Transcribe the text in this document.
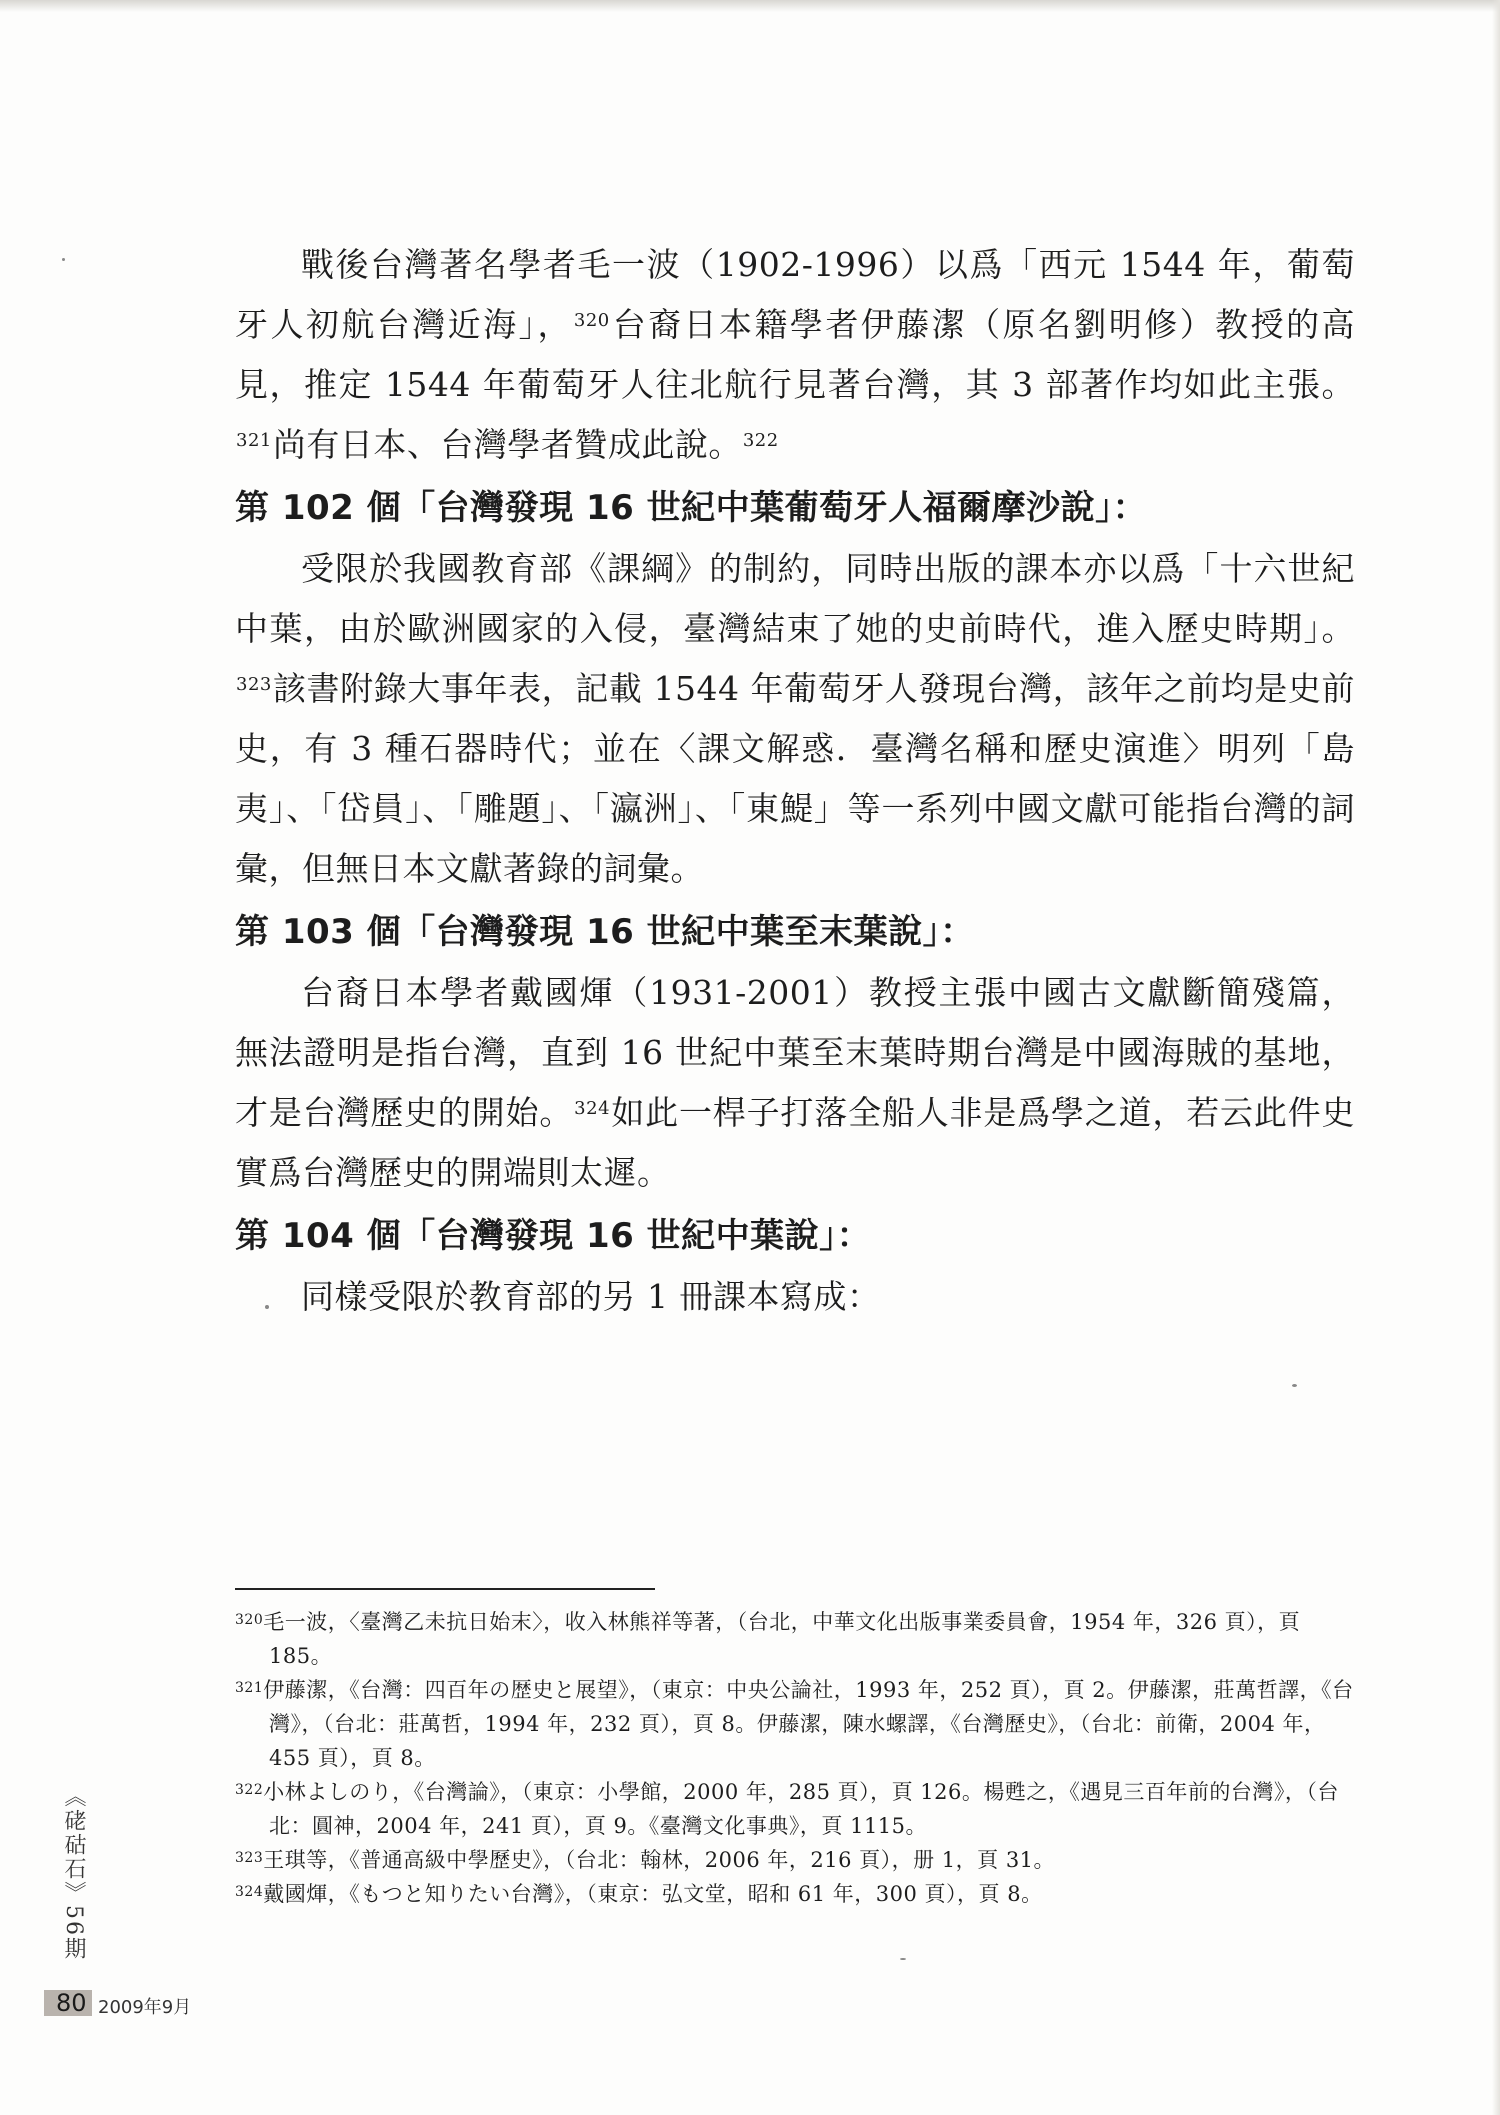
戰後台灣著名學者毛一波（1902-1996）以爲「西元 1544 年，葡萄牙人初航台灣近海」，$^{320}$台裔日本籍學者伊藤潔（原名劉明修）教授的高見，推定 1544 年葡萄牙人往北航行見著台灣，其 3 部著作均如此主張。$^{321}$尚有日本、台灣學者贊成此說。$^{322}$

第 102 個「台灣發現 16 世紀中葉葡萄牙人福爾摩沙說」：

受限於我國教育部《課綱》的制約，同時出版的課本亦以爲「十六世紀中葉，由於歐洲國家的入侵，臺灣結束了她的史前時代，進入歷史時期」。$^{323}$該書附錄大事年表，記載 1544 年葡萄牙人發現台灣，該年之前均是史前史，有 3 種石器時代；並在〈課文解惑．臺灣名稱和歷史演進〉明列「島夷」、「岱員」、「雕題」、「瀛洲」、「東鯷」等一系列中國文獻可能指台灣的詞彙，但無日本文獻著錄的詞彙。

第 103 個「台灣發現 16 世紀中葉至末葉說」：

台裔日本學者戴國煇（1931-2001）教授主張中國古文獻斷簡殘篇，無法證明是指台灣，直到 16 世紀中葉至末葉時期台灣是中國海賊的基地，才是台灣歷史的開始。$^{324}$如此一桿子打落全船人非是爲學之道，若云此件史實爲台灣歷史的開端則太遲。

第 104 個「台灣發現 16 世紀中葉說」：

同樣受限於教育部的另 1 冊課本寫成：

$^{320}$毛一波，〈臺灣乙未抗日始末〉，收入林熊祥等著，（台北，中華文化出版事業委員會，1954 年，326 頁），頁 185。

$^{321}$伊藤潔，《台灣：四百年の歴史と展望》，（東京：中央公論社，1993 年，252 頁），頁 2。伊藤潔，莊萬哲譯，《台灣》，（台北：莊萬哲，1994 年，232 頁），頁 8。伊藤潔，陳水螺譯，《台灣歷史》，（台北：前衛，2004 年，455 頁），頁 8。

$^{322}$小林よしのり，《台灣論》，（東京：小學館，2000 年，285 頁），頁 126。楊甦之，《遇見三百年前的台灣》，（台北：圓神，2004 年，241 頁），頁 9。《臺灣文化事典》，頁 1115。

$^{323}$王琪等，《普通高級中學歷史》，（台北：翰林，2006 年，216 頁），册 1，頁 31。

$^{324}$戴國煇，《もつと知りたい台灣》，（東京：弘文堂，昭和 61 年，300 頁），頁 8。

《硓𥑮石》56期
80 2009年9月
